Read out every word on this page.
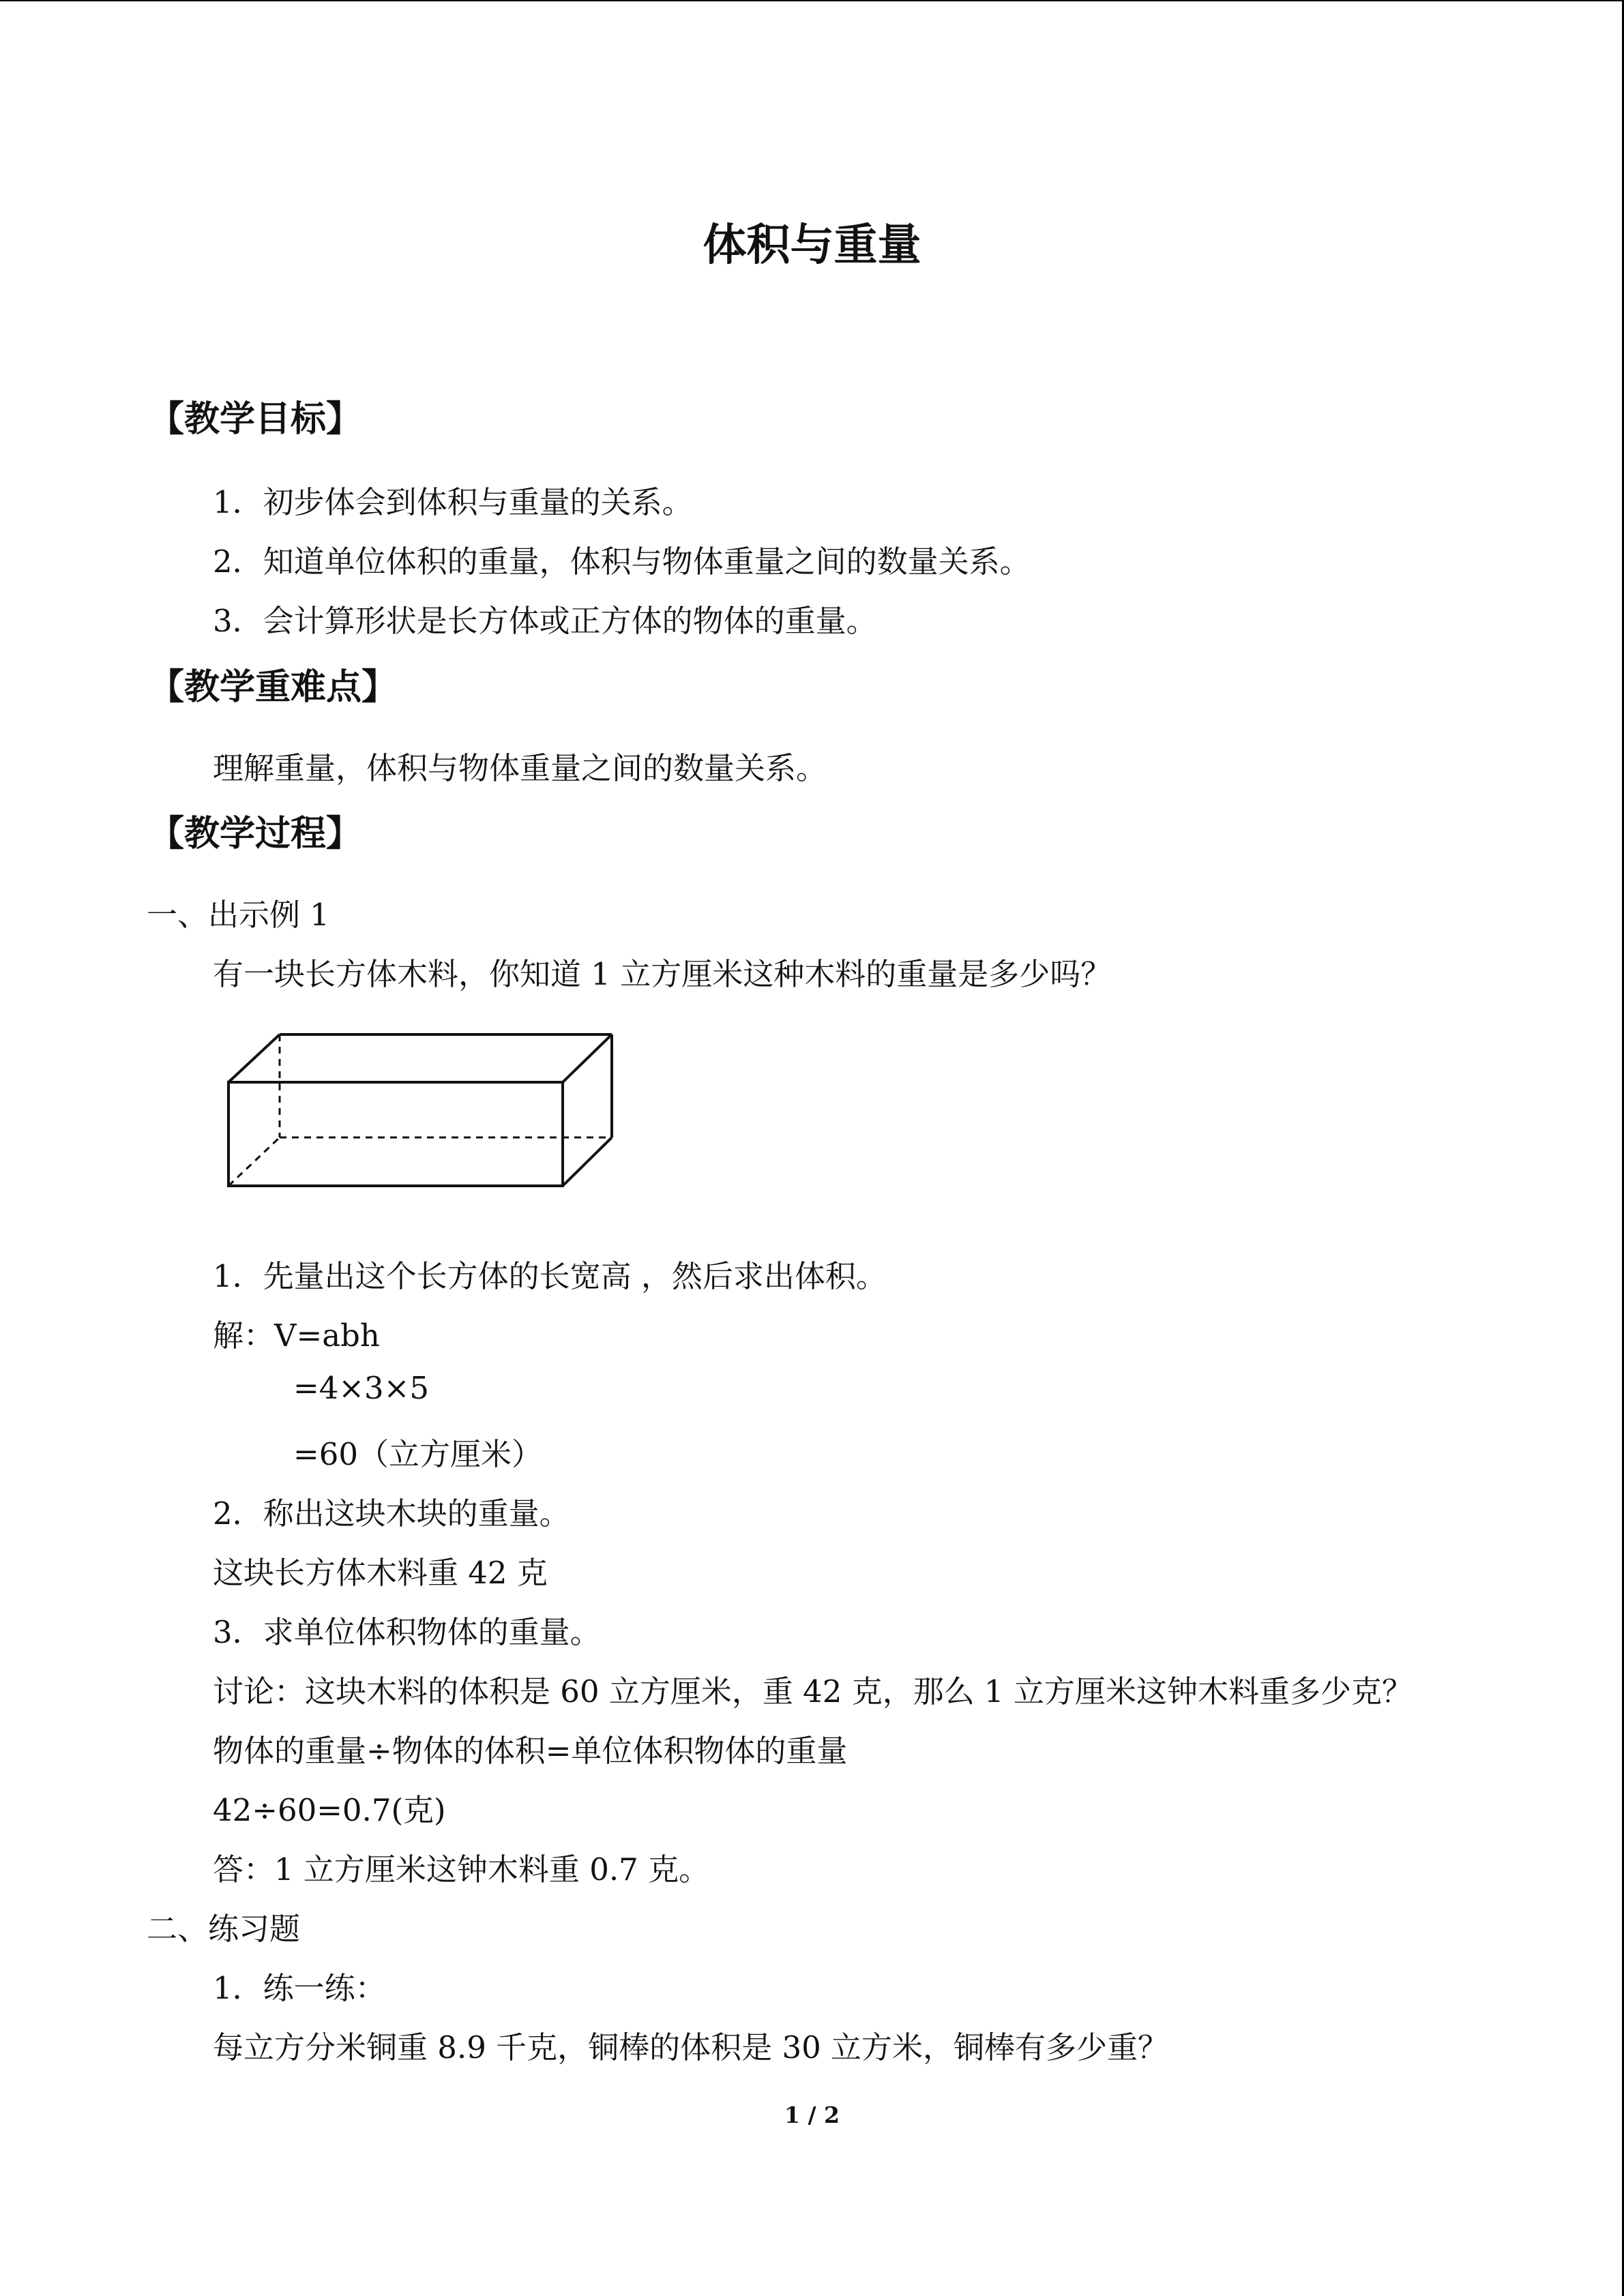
体积与重量
【教学目标】
1．初步体会到体积与重量的关系。
2．知道单位体积的重量，体积与物体重量之间的数量关系。
3．会计算形状是长方体或正方体的物体的重量。
【教学重难点】
理解重量，体积与物体重量之间的数量关系。
【教学过程】
一、出示例 1
有一块长方体木料，你知道 1 立方厘米这种木料的重量是多少吗？
1．先量出这个长方体的长宽高 ，然后求出体积。
解：V=abh
=4×3×5
=60（立方厘米）
2．称出这块木块的重量。
这块长方体木料重 42 克
3．求单位体积物体的重量。
讨论：这块木料的体积是 60 立方厘米，重 42 克，那么 1 立方厘米这钟木料重多少克？
物体的重量÷物体的体积=单位体积物体的重量
42÷60=0.7(克)
答：1 立方厘米这钟木料重 0.7 克。
二、练习题
1．练一练：
每立方分米铜重 8.9 千克，铜棒的体积是 30 立方米，铜棒有多少重？
1 / 2
